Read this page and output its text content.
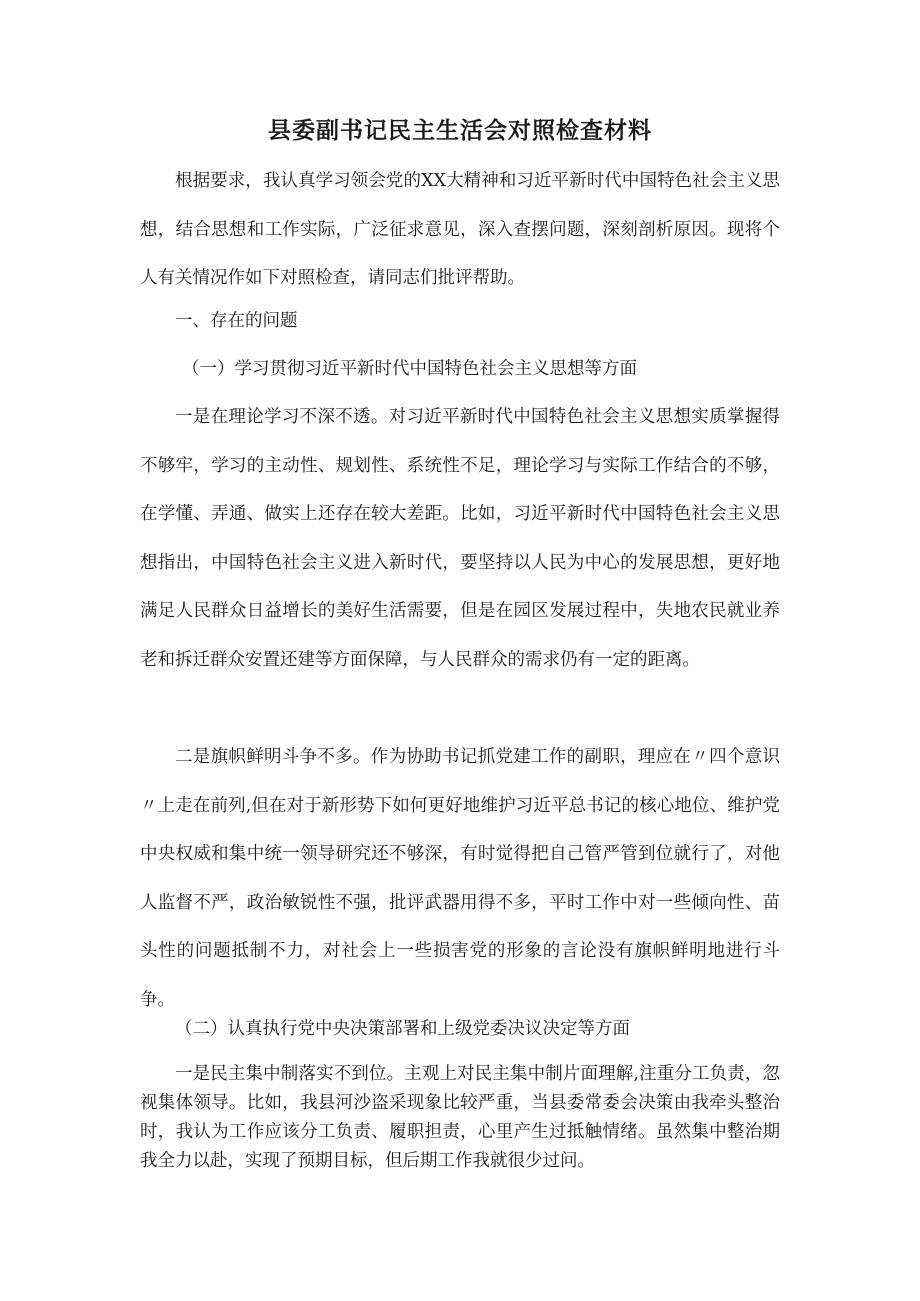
县委副书记民主生活会对照检查材料

根据要求，我认真学习领会党的XX大精神和习近平新时代中国特色社会主义思想，结合思想和工作实际，广泛征求意见，深入查摆问题，深刻剖析原因。现将个人有关情况作如下对照检查，请同志们批评帮助。

一、存在的问题

（一）学习贯彻习近平新时代中国特色社会主义思想等方面

一是在理论学习不深不透。对习近平新时代中国特色社会主义思想实质掌握得不够牢，学习的主动性、规划性、系统性不足，理论学习与实际工作结合的不够，在学懂、弄通、做实上还存在较大差距。比如，习近平新时代中国特色社会主义思想指出，中国特色社会主义进入新时代，要坚持以人民为中心的发展思想，更好地满足人民群众日益增长的美好生活需要，但是在园区发展过程中，失地农民就业养老和拆迁群众安置还建等方面保障，与人民群众的需求仍有一定的距离。

二是旗帜鲜明斗争不多。作为协助书记抓党建工作的副职，理应在〃四个意识〃上走在前列,但在对于新形势下如何更好地维护习近平总书记的核心地位、维护党中央权威和集中统一领导研究还不够深，有时觉得把自己管严管到位就行了，对他人监督不严，政治敏锐性不强，批评武器用得不多，平时工作中对一些倾向性、苗头性的问题抵制不力，对社会上一些损害党的形象的言论没有旗帜鲜明地进行斗争。

（二）认真执行党中央决策部署和上级党委决议决定等方面

一是民主集中制落实不到位。主观上对民主集中制片面理解,注重分工负责，忽视集体领导。比如，我县河沙盗采现象比较严重，当县委常委会决策由我牵头整治时，我认为工作应该分工负责、履职担责，心里产生过抵触情绪。虽然集中整治期我全力以赴，实现了预期目标，但后期工作我就很少过问。
